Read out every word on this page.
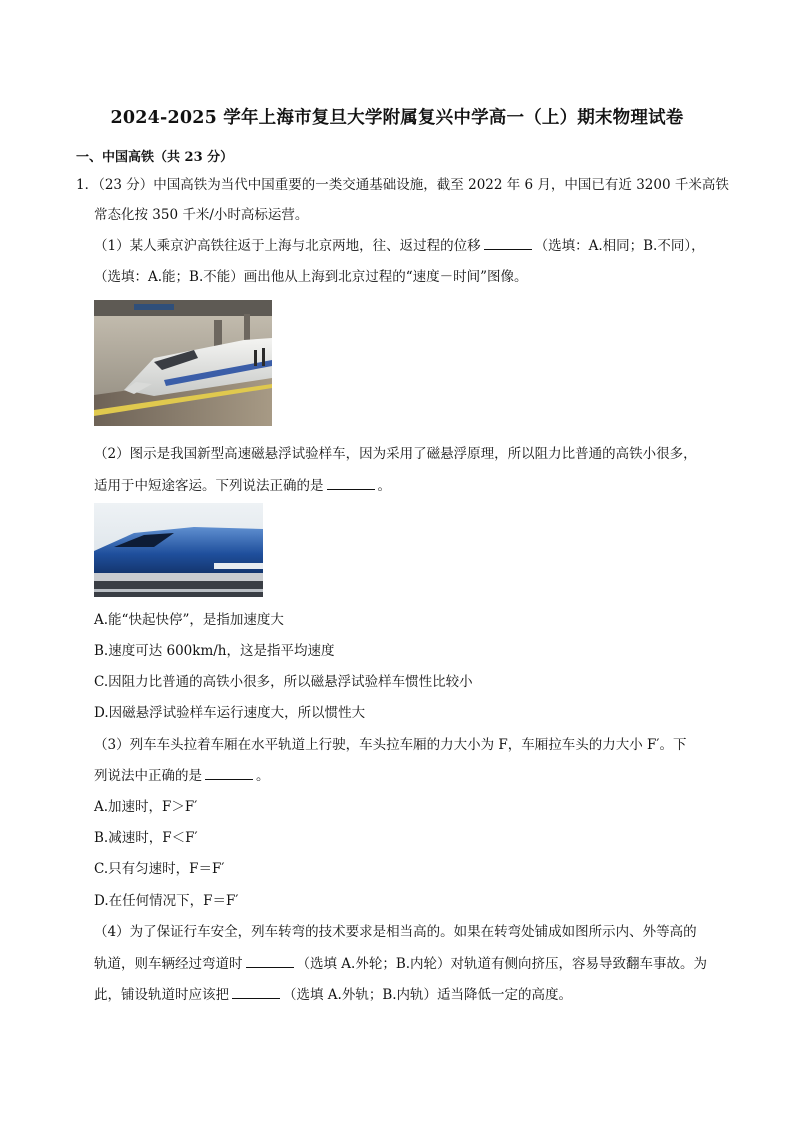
2024-2025 学年上海市复旦大学附属复兴中学高一（上）期末物理试卷
一、中国高铁（共 23 分）
1．（23 分）中国高铁为当代中国重要的一类交通基础设施，截至 2022 年 6 月，中国已有近 3200 千米高铁
常态化按 350 千米/小时高标运营。
（1）某人乘京沪高铁往返于上海与北京两地，往、返过程的位移	（选填：A.相同；B.不同），
（选填：A.能；B.不能）画出他从上海到北京过程的“速度－时间”图像。
（2）图示是我国新型高速磁悬浮试验样车，因为采用了磁悬浮原理，所以阻力比普通的高铁小很多，
适用于中短途客运。下列说法正确的是	。
A.能“快起快停”，是指加速度大
B.速度可达 600km/h，这是指平均速度
C.因阻力比普通的高铁小很多，所以磁悬浮试验样车惯性比较小
D.因磁悬浮试验样车运行速度大，所以惯性大
（3）列车车头拉着车厢在水平轨道上行驶，车头拉车厢的力大小为 F，车厢拉车头的力大小 F′。下
列说法中正确的是	。
A.加速时，F＞F′
B.减速时，F＜F′
C.只有匀速时，F＝F′
D.在任何情况下，F＝F′
（4）为了保证行车安全，列车转弯的技术要求是相当高的。如果在转弯处铺成如图所示内、外等高的
轨道，则车辆经过弯道时	（选填 A.外轮；B.内轮）对轨道有侧向挤压，容易导致翻车事故。为
此，铺设轨道时应该把	（选填 A.外轨；B.内轨）适当降低一定的高度。
